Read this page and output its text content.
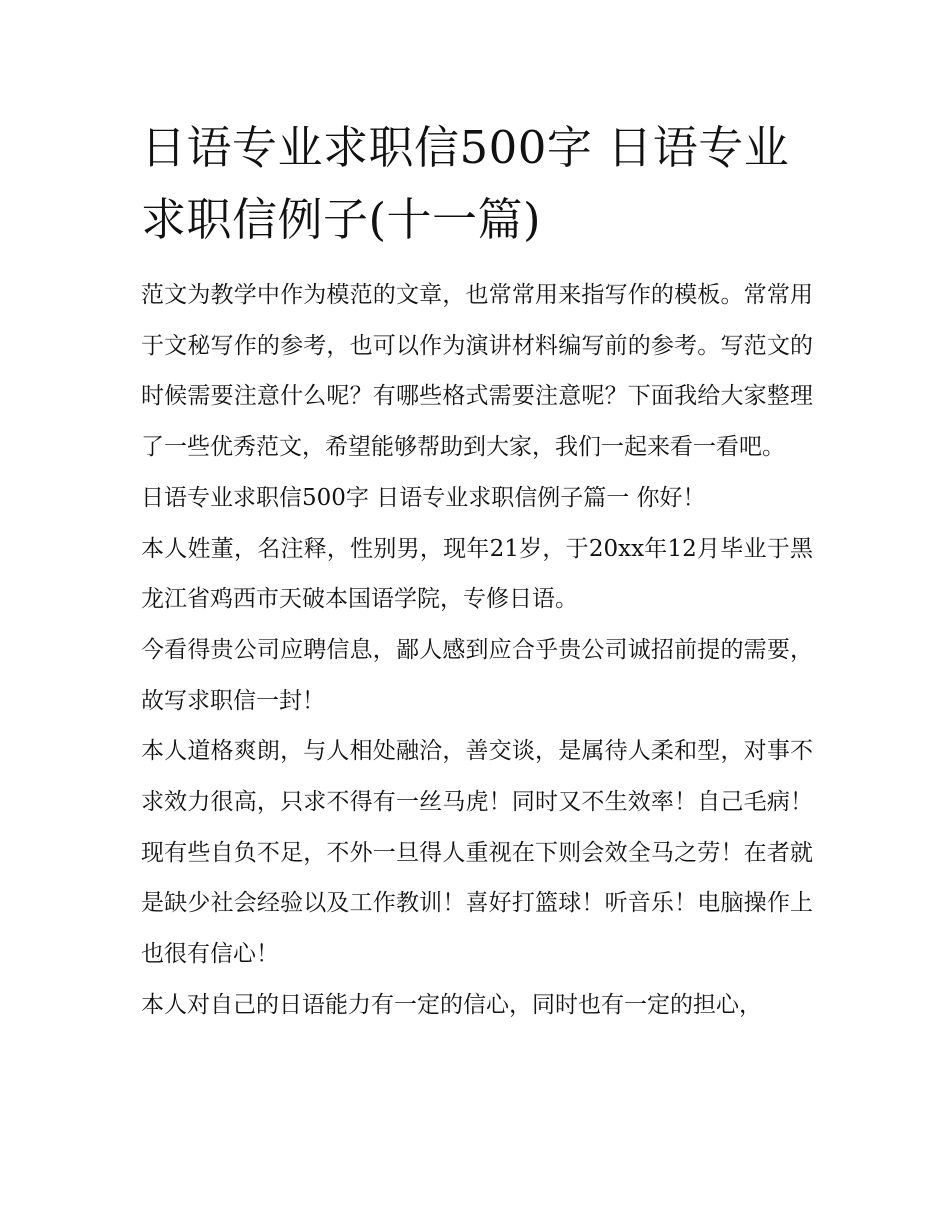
日语专业求职信500字 日语专业求职信例子(十一篇)

范文为教学中作为模范的文章，也常常用来指写作的模板。常常用于文秘写作的参考，也可以作为演讲材料编写前的参考。写范文的时候需要注意什么呢？有哪些格式需要注意呢？下面我给大家整理了一些优秀范文，希望能够帮助到大家，我们一起来看一看吧。

日语专业求职信500字 日语专业求职信例子篇一 你好！

本人姓董，名注释，性别男，现年21岁，于20xx年12月毕业于黑龙江省鸡西市天破本国语学院，专修日语。

今看得贵公司应聘信息，鄙人感到应合乎贵公司诚招前提的需要，故写求职信一封！

本人道格爽朗，与人相处融洽，善交谈，是属待人柔和型，对事不求效力很高，只求不得有一丝马虎！同时又不生效率！自己毛病！现有些自负不足，不外一旦得人重视在下则会效全马之劳！在者就是缺少社会经验以及工作教训！喜好打篮球！听音乐！电脑操作上也很有信心！

本人对自己的日语能力有一定的信心，同时也有一定的担心，
